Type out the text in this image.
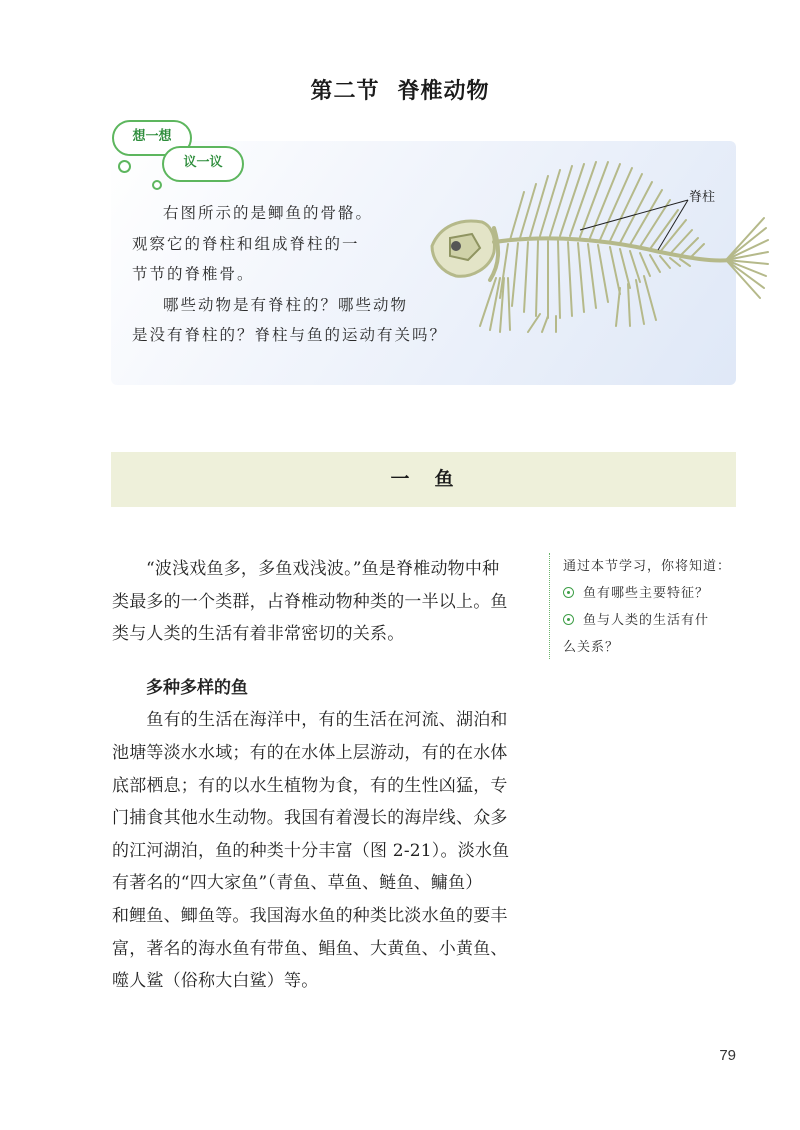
第二节 脊椎动物
想一想
议一议

右图所示的是鲫鱼的骨骼。

观察它的脊柱和组成脊柱的一

节节的脊椎骨。

哪些动物是有脊柱的？哪些动物

是没有脊柱的？脊柱与鱼的运动有关吗？

脊柱
一　鱼

“波浅戏鱼多，多鱼戏浅波。”鱼是脊椎动物中种

类最多的一个类群，占脊椎动物种类的一半以上。鱼

类与人类的生活有着非常密切的关系。

多种多样的鱼

　　鱼有的生活在海洋中，有的生活在河流、湖泊和

池塘等淡水水域；有的在水体上层游动，有的在水体

底部栖息；有的以水生植物为食，有的生性凶猛，专

门捕食其他水生动物。我国有着漫长的海岸线、众多

的江河湖泊，鱼的种类十分丰富（图 2-21）。淡水鱼

有著名的“四大家鱼”（青鱼、草鱼、鲢鱼、鳙鱼）

和鲤鱼、鲫鱼等。我国海水鱼的种类比淡水鱼的要丰

富，著名的海水鱼有带鱼、鲳鱼、大黄鱼、小黄鱼、

噬人鲨（俗称大白鲨）等。

通过本节学习，你将知道：
鱼有哪些主要特征？
鱼与人类的生活有什
么关系？
79
